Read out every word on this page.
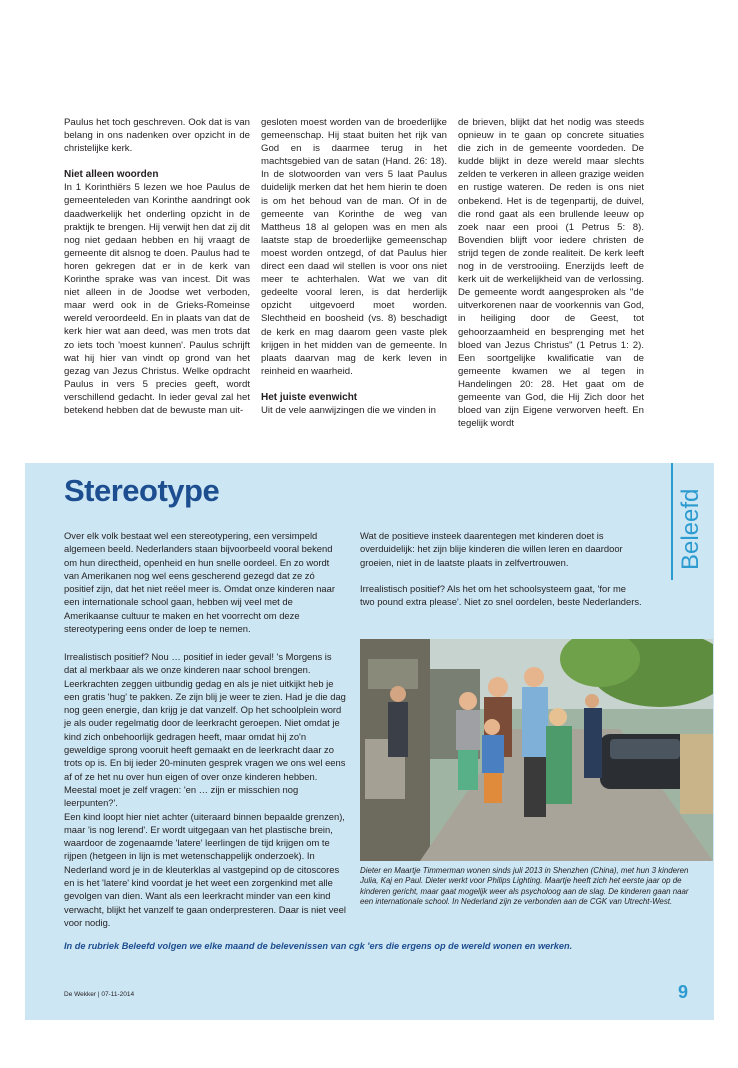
Paulus het toch geschreven. Ook dat is van belang in ons nadenken over opzicht in de christelijke kerk.

Niet alleen woorden

In 1 Korinthiërs 5 lezen we hoe Paulus de gemeenteleden van Korinthe aandringt ook daadwerkelijk het onderling opzicht in de praktijk te brengen. Hij verwijt hen dat zij dit nog niet gedaan hebben en hij vraagt de gemeente dit alsnog te doen. Paulus had te horen gekregen dat er in de kerk van Korinthe sprake was van incest. Dit was niet alleen in de Joodse wet verboden, maar werd ook in de Grieks-Romeinse wereld veroordeeld. En in plaats van dat de kerk hier wat aan deed, was men trots dat zo iets toch 'moest kunnen'. Paulus schrijft wat hij hier van vindt op grond van het gezag van Jezus Christus. Welke opdracht Paulus in vers 5 precies geeft, wordt verschillend gedacht. In ieder geval zal het betekend hebben dat de bewuste man uit-

gesloten moest worden van de broederlijke gemeenschap. Hij staat buiten het rijk van God en is daarmee terug in het machtsgebied van de satan (Hand. 26: 18). In de slotwoorden van vers 5 laat Paulus duidelijk merken dat het hem hierin te doen is om het behoud van de man. Of in de gemeente van Korinthe de weg van Mattheus 18 al gelopen was en men als laatste stap de broederlijke gemeenschap moest worden ontzegd, of dat Paulus hier direct een daad wil stellen is voor ons niet meer te achterhalen. Wat we van dit gedeelte vooral leren, is dat herderlijk opzicht uitgevoerd moet worden. Slechtheid en boosheid (vs. 8) beschadigt de kerk en mag daarom geen vaste plek krijgen in het midden van de gemeente. In plaats daarvan mag de kerk leven in reinheid en waarheid.

Het juiste evenwicht

Uit de vele aanwijzingen die we vinden in

de brieven, blijkt dat het nodig was steeds opnieuw in te gaan op concrete situaties die zich in de gemeente voordeden. De kudde blijkt in deze wereld maar slechts zelden te verkeren in alleen grazige weiden en rustige wateren. De reden is ons niet onbekend. Het is de tegenpartij, de duivel, die rond gaat als een brullende leeuw op zoek naar een prooi (1 Petrus 5: 8). Bovendien blijft voor iedere christen de strijd tegen de zonde realiteit. De kerk leeft nog in de verstrooiing. Enerzijds leeft de kerk uit de werkelijkheid van de verlossing. De gemeente wordt aangesproken als "de uitverkorenen naar de voorkennis van God, in heiliging door de Geest, tot gehoorzaamheid en besprenging met het bloed van Jezus Christus" (1 Petrus 1: 2). Een soortgelijke kwalificatie van de gemeente kwamen we al tegen in Handelingen 20: 28. Het gaat om de gemeente van God, die Hij Zich door het bloed van zijn Eigene verworven heeft. En tegelijk wordt

Stereotype	Beleefd

Over elk volk bestaat wel een stereotypering, een versimpeld algemeen beeld. Nederlanders staan bijvoorbeeld vooral bekend om hun directheid, openheid en hun snelle oordeel. En zo wordt van Amerikanen nog wel eens gescherend gezegd dat ze zó positief zijn, dat het niet reëel meer is. Omdat onze kinderen naar een internationale school gaan, hebben wij veel met de Amerikaanse cultuur te maken en het voorrecht om deze stereotypering eens onder de loep te nemen.

Wat de positieve insteek daarentegen met kinderen doet is overduidelijk: het zijn blije kinderen die willen leren en daardoor groeien, niet in de laatste plaats in zelfvertrouwen.

Irrealistisch positief? Als het om het schoolsysteem gaat, 'for me two pound extra please'. Niet zo snel oordelen, beste Nederlanders.

Irrealistisch positief? Nou … positief in ieder geval! 's Morgens is dat al merkbaar als we onze kinderen naar school brengen. Leerkrachten zeggen uitbundig gedag en als je niet uitkijkt heb je een gratis 'hug' te pakken. Ze zijn blij je weer te zien. Had je die dag nog geen energie, dan krijg je dat vanzelf. Op het schoolplein word je als ouder regelmatig door de leerkracht geroepen. Niet omdat je kind zich onbehoorlijk gedragen heeft, maar omdat hij zo'n geweldige sprong vooruit heeft gemaakt en de leerkracht daar zo trots op is. En bij ieder 20-minuten gesprek vragen we ons wel eens af of ze het nu over hun eigen of over onze kinderen hebben. Meestal moet je zelf vragen: 'en … zijn er misschien nog leerpunten?'.

Een kind loopt hier niet achter (uiteraard binnen bepaalde grenzen), maar 'is nog lerend'. Er wordt uitgegaan van het plastische brein, waardoor de zogenaamde 'latere' leerlingen de tijd krijgen om te rijpen (hetgeen in lijn is met wetenschappelijk onderzoek). In Nederland word je in de kleuterklas al vastgepind op de citoscores en is het 'latere' kind voordat je het weet een zorgenkind met alle gevolgen van dien. Want als een leerkracht minder van een kind verwacht, blijkt het vanzelf te gaan onderpresteren. Daar is niet veel voor nodig.

Dieter en Maartje Timmerman wonen sinds juli 2013 in Shenzhen (China), met hun 3 kinderen Julia, Kaj en Paul. Dieter werkt voor Philips Lighting. Maartje heeft zich het eerste jaar op de kinderen gericht, maar gaat mogelijk weer als psycholoog aan de slag. De kinderen gaan naar een internationale school. In Nederland zijn ze verbonden aan de CGK van Utrecht-West.
In de rubriek Beleefd volgen we elke maand de belevenissen van cgk 'ers die ergens op de wereld wonen en werken.
De Wekker | 07-11-2014	9
